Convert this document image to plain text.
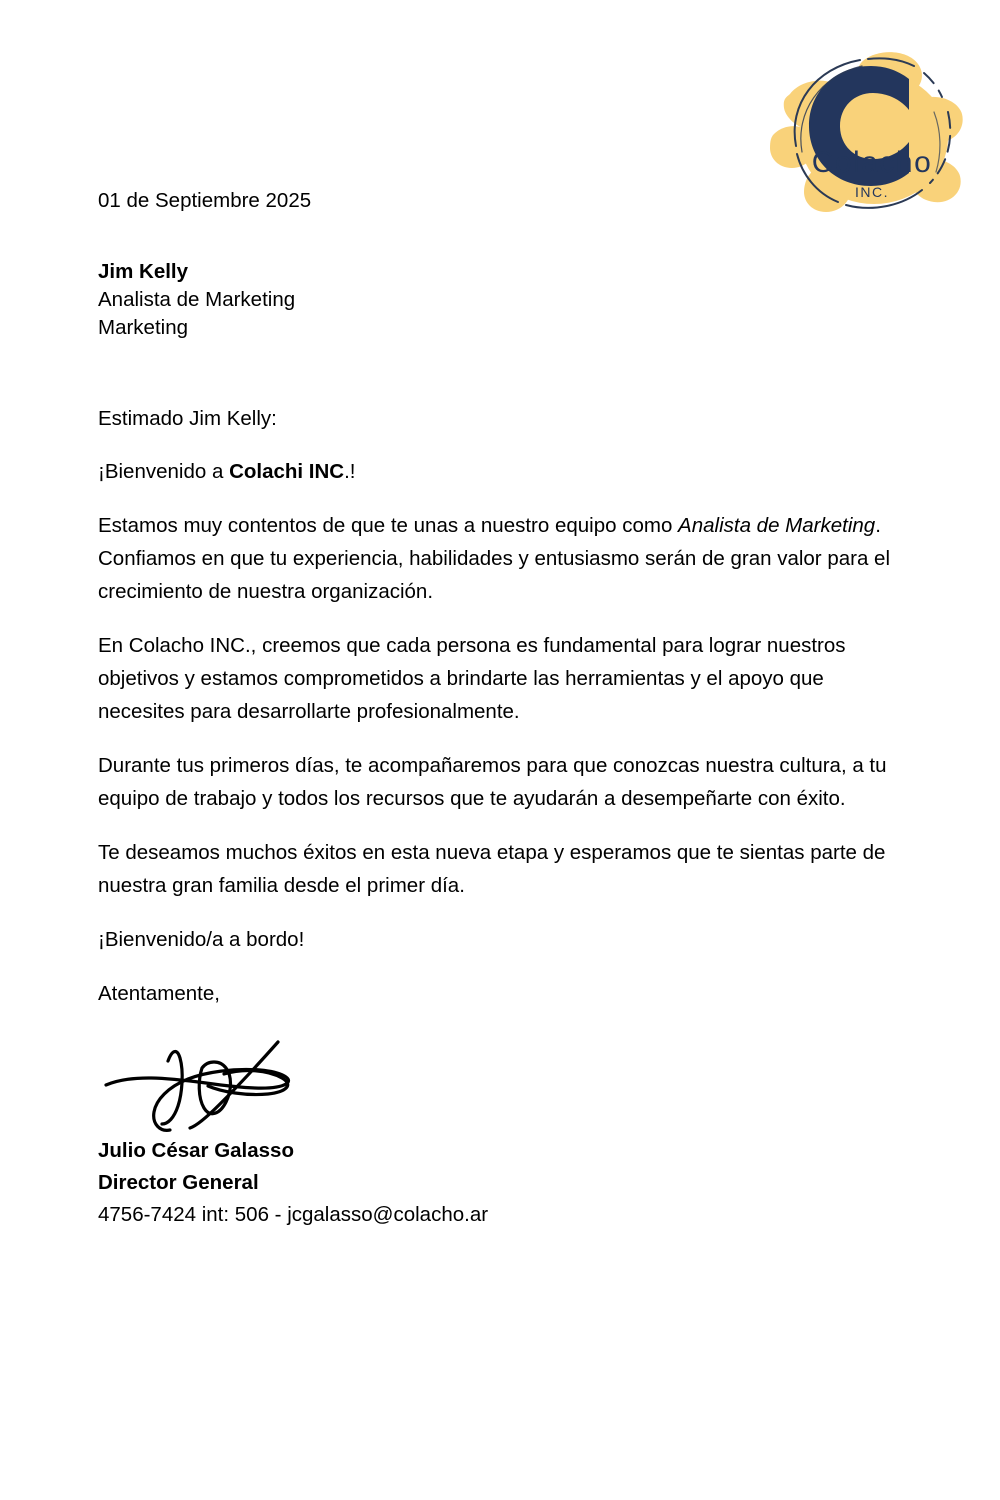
Colacho
INC.
01 de Septiembre 2025
Jim Kelly
Analista de Marketing
Marketing
Estimado Jim Kelly:
¡Bienvenido a Colachi INC.!
Estamos muy contentos de que te unas a nuestro equipo como Analista de Marketing. Confiamos en que tu experiencia, habilidades y entusiasmo serán de gran valor para el crecimiento de nuestra organización.
En Colacho INC., creemos que cada persona es fundamental para lograr nuestros objetivos y estamos comprometidos a brindarte las herramientas y el apoyo que necesites para desarrollarte profesionalmente.
Durante tus primeros días, te acompañaremos para que conozcas nuestra cultura, a tu equipo de trabajo y todos los recursos que te ayudarán a desempeñarte con éxito.
Te deseamos muchos éxitos en esta nueva etapa y esperamos que te sientas parte de nuestra gran familia desde el primer día.
¡Bienvenido/a a bordo!
Atentamente,
Julio César Galasso
Director General
4756-7424 int: 506 - jcgalasso@colacho.ar
